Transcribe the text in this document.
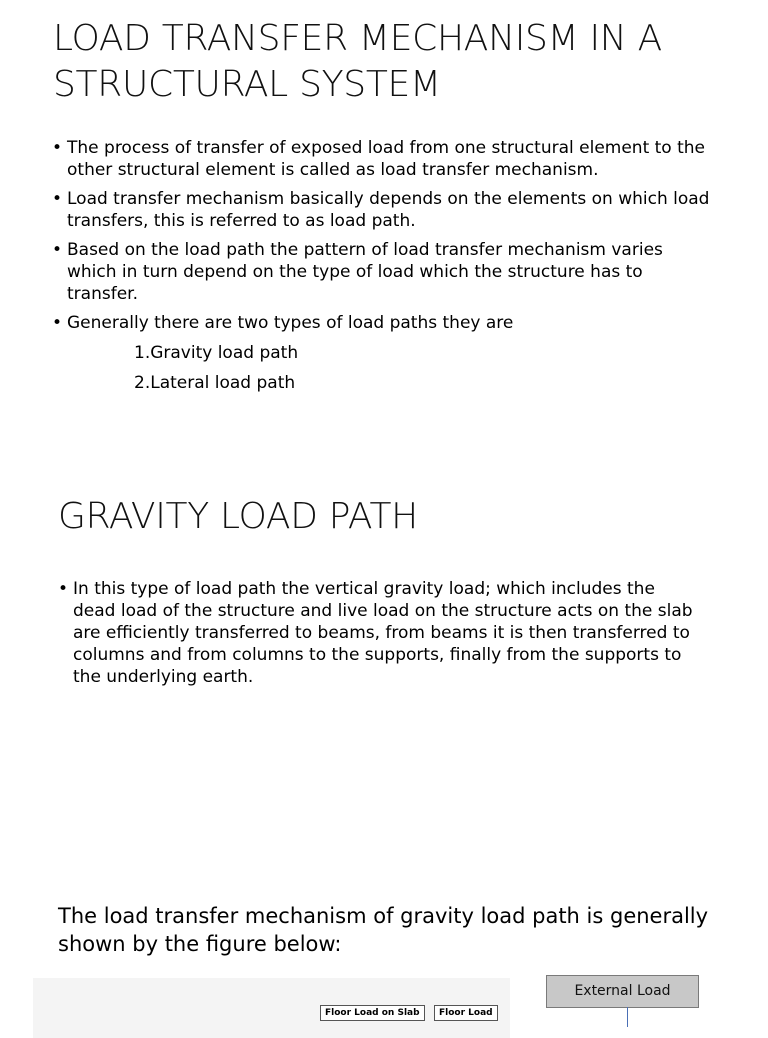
LOAD TRANSFER MECHANISM IN A
STRUCTURAL SYSTEM
• The process of transfer of exposed load from one structural element to the other structural element is called as load transfer mechanism.
• Load transfer mechanism basically depends on the elements on which load transfers, this is referred to as load path.
• Based on the load path the pattern of load transfer mechanism varies which in turn depend on the type of load which the structure has to transfer.
• Generally there are two types of load paths they are
1.Gravity load path
2.Lateral load path
GRAVITY LOAD PATH
• In this type of load path the vertical gravity load; which includes the dead load of the structure and live load on the structure acts on the slab are efficiently transferred to beams, from beams it is then transferred to columns and from columns to the supports, finally from the supports to the underlying earth.

The load transfer mechanism of gravity load path is generally shown by the figure below:

Floor Load on Slab	Floor Load
External Load
